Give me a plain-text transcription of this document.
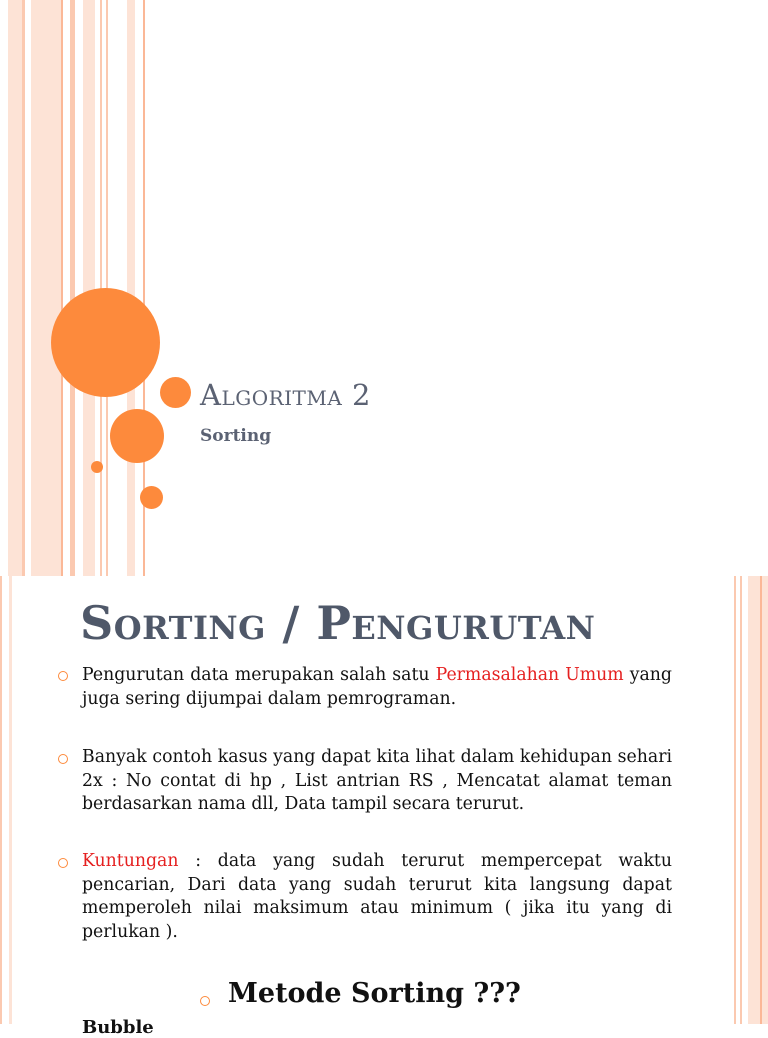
Algoritma 2
Sorting
Sorting / Pengurutan
Pengurutan data merupakan salah satu Permasalahan Umum yang juga sering dijumpai dalam pemrograman.
Banyak contoh kasus yang dapat kita lihat dalam kehidupan sehari 2x : No contat di hp , List antrian RS , Mencatat alamat teman berdasarkan nama dll, Data tampil secara terurut.
Kuntungan : data yang sudah terurut mempercepat waktu pencarian, Dari data yang sudah terurut kita langsung dapat memperoleh nilai maksimum atau minimum ( jika itu yang di perlukan ).
Metode Sorting ???
Bubble
